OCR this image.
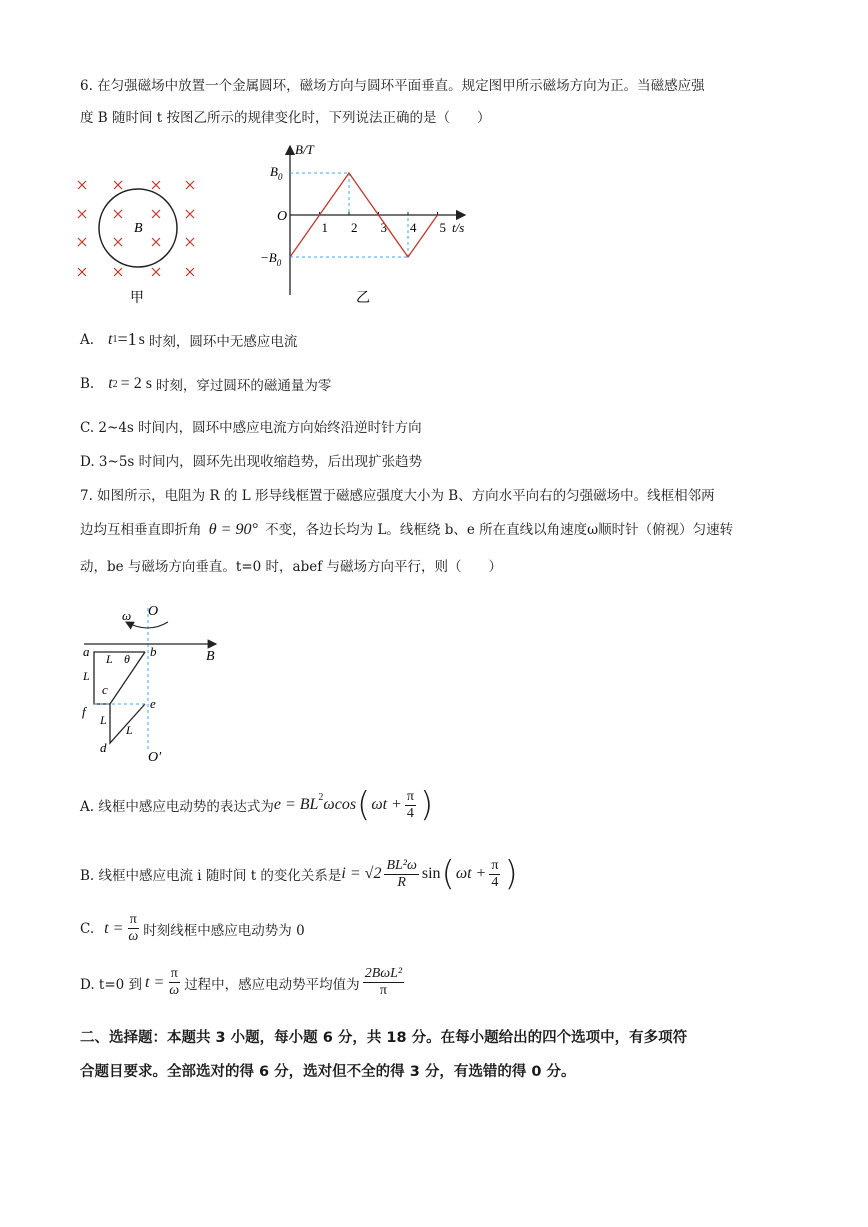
6. 在匀强磁场中放置一个金属圆环，磁场方向与圆环平面垂直。规定图甲所示磁场方向为正。当磁感应强
度 B 随时间 t 按图乙所示的规律变化时，下列说法正确的是（　　）
B
甲
B/T
t/s
O
$B_0$
$-B_0$
1 2 3 4 5
乙
A. t 1 =1 s 时刻，圆环中无感应电流
B. t 2 = 2 s 时刻，穿过圆环的磁通量为零
C. 2~4s 时间内，圆环中感应电流方向始终沿逆时针方向
D. 3~5s 时间内，圆环先出现收缩趋势，后出现扩张趋势
7. 如图所示，电阻为 R 的 L 形导线框置于磁感应强度大小为 B、方向水平向右的匀强磁场中。线框相邻两
边均互相垂直即折角 θ = 90° 不变，各边长均为 L。线框绕 b、e 所在直线以角速度ω顺时针（俯视）匀速转
动，be 与磁场方向垂直。t=0 时，abef 与磁场方向平行，则（　　）
ω O
O′
B
a	b
c
f
e
d
L θ
L
L
L
A. 线框中感应电动势的表达式为 $e = BL^2$ ωcos ( $\omega t + \frac{\pi}{4}$ )
B. 线框中感应电流 i 随时间 t 的变化关系是 $i = √2 \frac{\text{BL²ω}}{R}$ sin ( $\omega t + \frac{\pi}{4}$ )
C. $t = \frac{\pi}{\omega}$ 时刻线框中感应电动势为 0
D. t=0 到 $t = \frac{\pi}{\omega}$ 过程中，感应电动势平均值为 $\frac{\text{2BωL²}}{\pi}$
二、选择题：本题共 3 小题，每小题 6 分，共 18 分。在每小题给出的四个选项中，有多项符
合题目要求。全部选对的得 6 分，选对但不全的得 3 分，有选错的得 0 分。
